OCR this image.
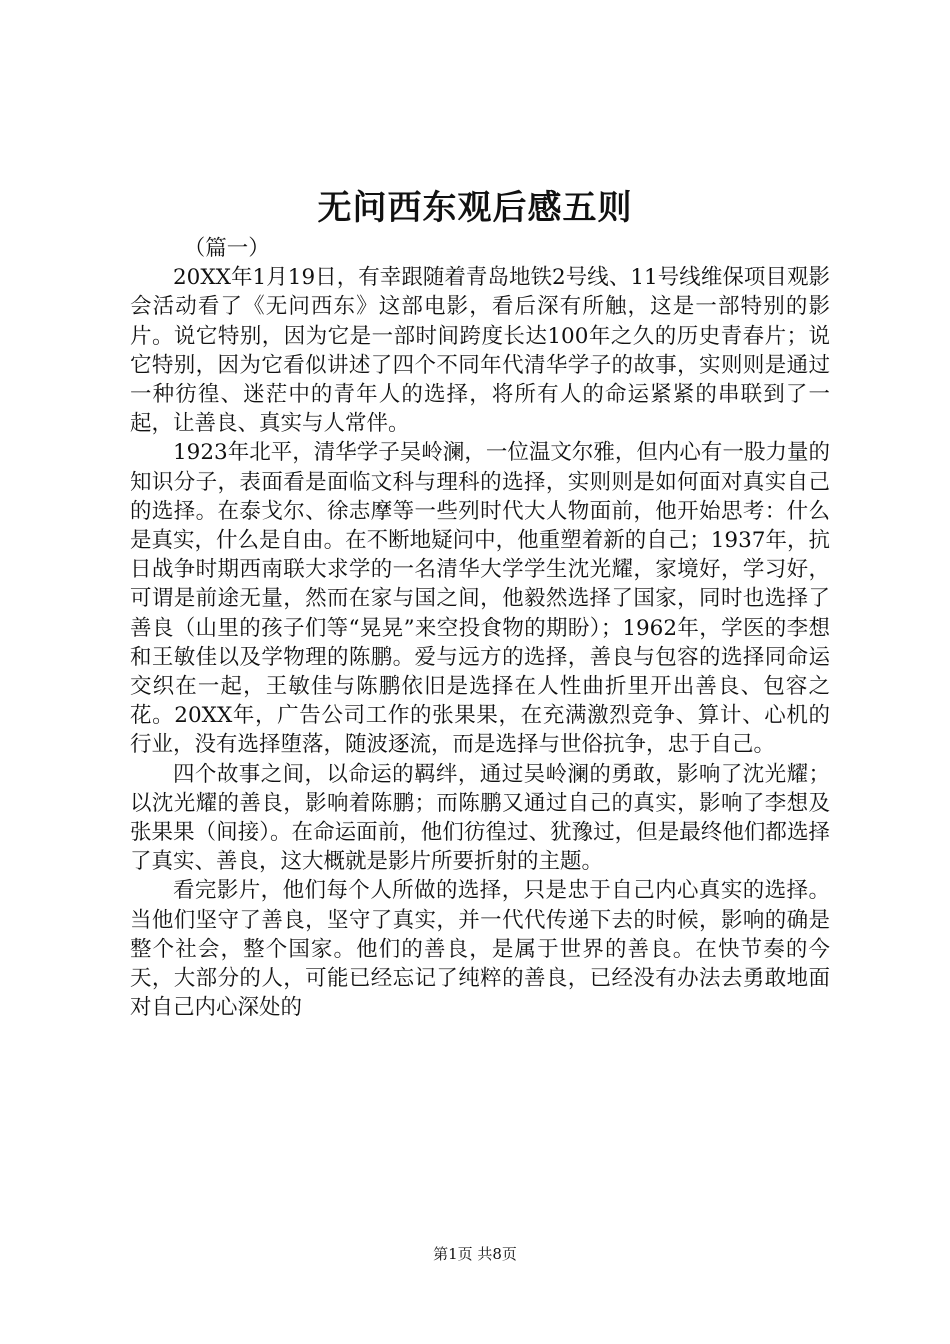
无问西东观后感五则

（篇一）

20XX年1月19日，有幸跟随着青岛地铁2号线、11号线维保项目观影会活动看了《无问西东》这部电影，看后深有所触，这是一部特别的影片。说它特别，因为它是一部时间跨度长达100年之久的历史青春片；说它特别，因为它看似讲述了四个不同年代清华学子的故事，实则则是通过一种彷徨、迷茫中的青年人的选择，将所有人的命运紧紧的串联到了一起，让善良、真实与人常伴。

1923年北平，清华学子吴岭澜，一位温文尔雅，但内心有一股力量的知识分子，表面看是面临文科与理科的选择，实则则是如何面对真实自己的选择。在泰戈尔、徐志摩等一些列时代大人物面前，他开始思考：什么是真实，什么是自由。在不断地疑问中，他重塑着新的自己；1937年，抗日战争时期西南联大求学的一名清华大学学生沈光耀，家境好，学习好，可谓是前途无量，然而在家与国之间，他毅然选择了国家，同时也选择了善良（山里的孩子们等“晃晃”来空投食物的期盼）；1962年，学医的李想和王敏佳以及学物理的陈鹏。爱与远方的选择，善良与包容的选择同命运交织在一起，王敏佳与陈鹏依旧是选择在人性曲折里开出善良、包容之花。20XX年，广告公司工作的张果果，在充满激烈竞争、算计、心机的行业，没有选择堕落，随波逐流，而是选择与世俗抗争，忠于自己。

四个故事之间，以命运的羁绊，通过吴岭澜的勇敢，影响了沈光耀；以沈光耀的善良，影响着陈鹏；而陈鹏又通过自己的真实，影响了李想及张果果（间接）。在命运面前，他们彷徨过、犹豫过，但是最终他们都选择了真实、善良，这大概就是影片所要折射的主题。

看完影片，他们每个人所做的选择，只是忠于自己内心真实的选择。当他们坚守了善良，坚守了真实，并一代代传递下去的时候，影响的确是整个社会，整个国家。他们的善良，是属于世界的善良。在快节奏的今天，大部分的人，可能已经忘记了纯粹的善良，已经没有办法去勇敢地面对自己内心深处的

第1页 共8页
